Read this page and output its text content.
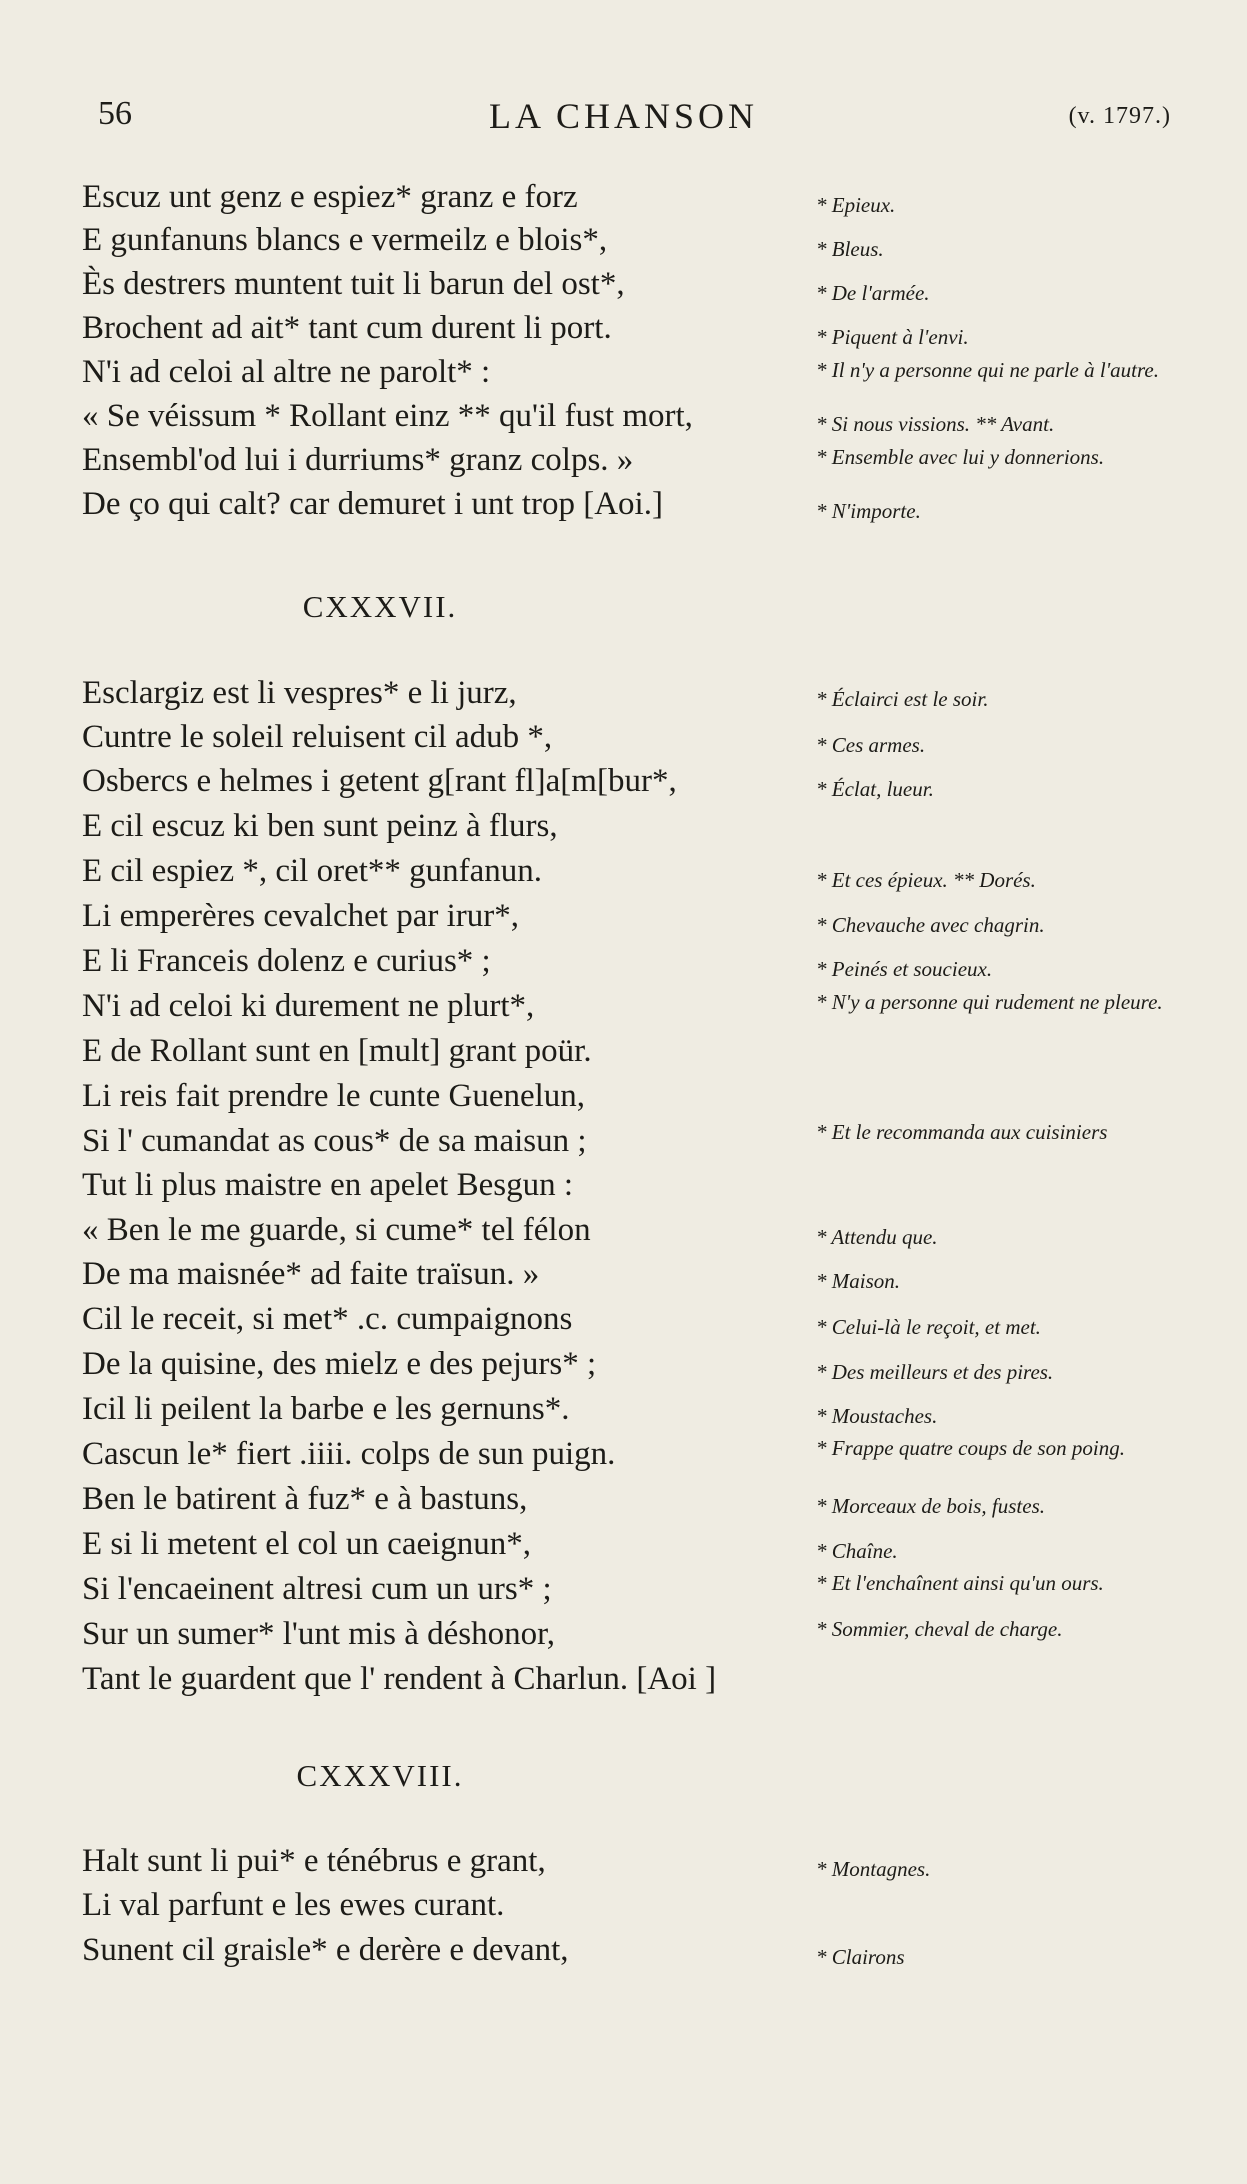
56	LA CHANSON	(v. 1797.)
Escuz unt genz e espiez* granz e forz
E gunfanuns blancs e vermeilz e blois*,
Ès destrers muntent tuit li barun del ost*,
Brochent ad ait* tant cum durent li port.
N'i ad celoi al altre ne parolt* :
« Se véissum * Rollant einz ** qu'il fust mort,
Ensembl'od lui i durriums* granz colps. »
De ço qui calt? car demuret i unt trop [Aoi.]
* Epieux.
* Bleus.
* De l'armée.
* Piquent à l'envi.
* Il n'y a personne qui ne parle à l'autre.
* Si nous vissions. ** Avant.
* Ensemble avec lui y donnerions.
* N'importe.
CXXXVII.
Esclargiz est li vespres* e li jurz,
Cuntre le soleil reluisent cil adub *,
Osbercs e helmes i getent g[rant fl]a[m[bur*,
E cil escuz ki ben sunt peinz à flurs,
E cil espiez *, cil oret** gunfanun.
Li emperères cevalchet par irur*,
E li Franceis dolenz e curius* ;
N'i ad celoi ki durement ne plurt*,
E de Rollant sunt en [mult] grant poür.
Li reis fait prendre le cunte Guenelun,
Si l' cumandat as cous* de sa maisun ;
Tut li plus maistre en apelet Besgun :
« Ben le me guarde, si cume* tel félon
De ma maisnée* ad faite traïsun. »
Cil le receit, si met* .c. cumpaignons
De la quisine, des mielz e des pejurs* ;
Icil li peilent la barbe e les gernuns*.
Cascun le* fiert .iiii. colps de sun puign.
Ben le batirent à fuz* e à bastuns,
E si li metent el col un caeignun*,
Si l'encaeinent altresi cum un urs* ;
Sur un sumer* l'unt mis à déshonor,
Tant le guardent que l' rendent à Charlun. [Aoi ]
* Éclairci est le soir.
* Ces armes.
* Éclat, lueur.
* Et ces épieux. ** Dorés.
* Chevauche avec chagrin.
* Peinés et soucieux.
* N'y a personne qui rudement ne pleure.
* Et le recommanda aux cuisiniers
* Attendu que.
* Maison.
* Celui-là le reçoit, et met.
* Des meilleurs et des pires.
* Moustaches.
* Frappe quatre coups de son poing.
* Morceaux de bois, fustes.
* Chaîne.
* Et l'enchaînent ainsi qu'un ours.
* Sommier, cheval de charge.
CXXXVIII.
Halt sunt li pui* e ténébrus e grant,
Li val parfunt e les ewes curant.
Sunent cil graisle* e derère e devant,
* Montagnes.
* Clairons
